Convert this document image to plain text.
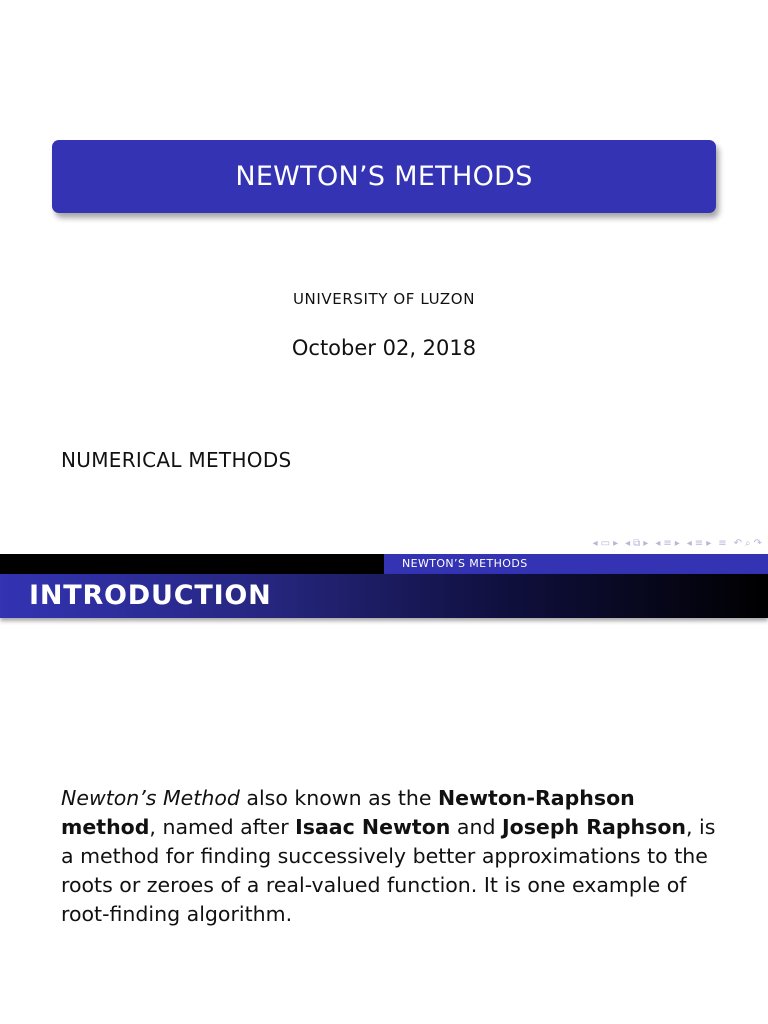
NEWTON’S METHODS
UNIVERSITY OF LUZON
October 02, 2018
NUMERICAL METHODS
◂ ▭ ▸ ◂ ⧉ ▸ ◂ ≡ ▸ ◂ ≡ ▸ ≡ ↶ ⌕ ↷
NEWTON’S METHODS
INTRODUCTION
Newton’s Method also known as the Newton-Raphson method, named after Isaac Newton and Joseph Raphson, is a method for finding successively better approximations to the roots or zeroes of a real-valued function. It is one example of root-finding algorithm.
